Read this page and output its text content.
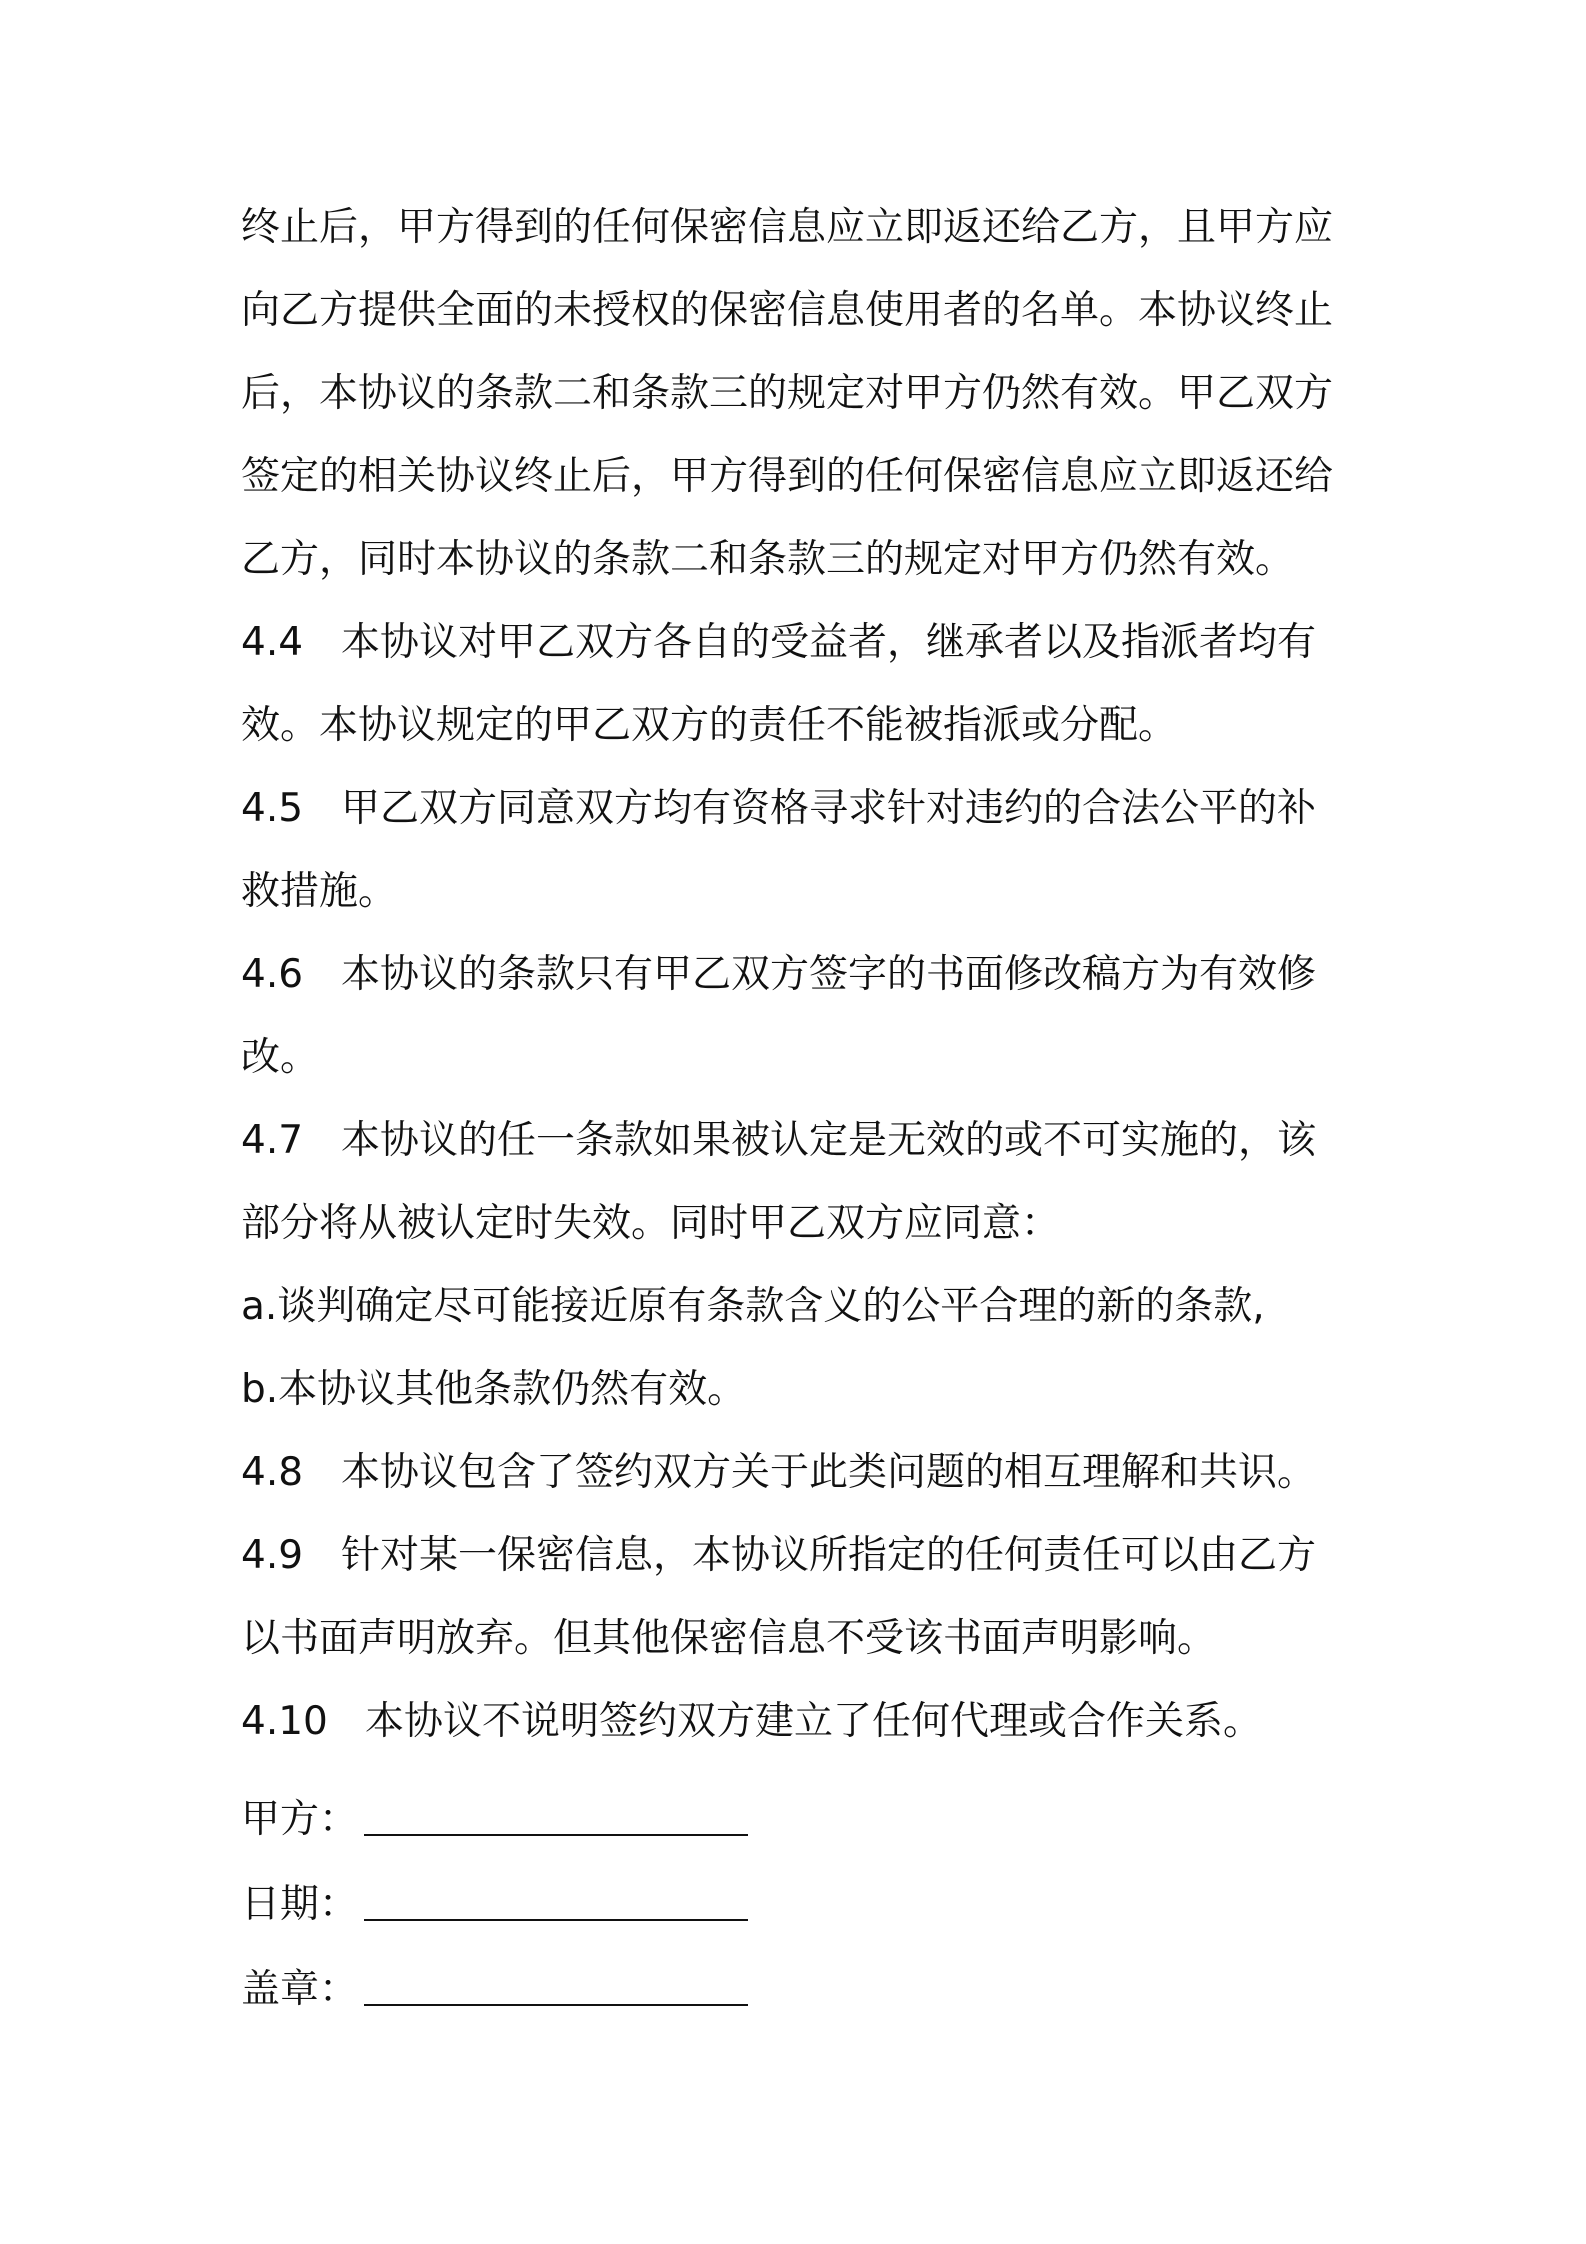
终止后，甲方得到的任何保密信息应立即返还给乙方，且甲方应
向乙方提供全面的未授权的保密信息使用者的名单。本协议终止
后，本协议的条款二和条款三的规定对甲方仍然有效。甲乙双方
签定的相关协议终止后，甲方得到的任何保密信息应立即返还给
乙方，同时本协议的条款二和条款三的规定对甲方仍然有效。
4.4 本协议对甲乙双方各自的受益者，继承者以及指派者均有
效。本协议规定的甲乙双方的责任不能被指派或分配。
4.5 甲乙双方同意双方均有资格寻求针对违约的合法公平的补
救措施。
4.6 本协议的条款只有甲乙双方签字的书面修改稿方为有效修
改。
4.7 本协议的任一条款如果被认定是无效的或不可实施的，该
部分将从被认定时失效。同时甲乙双方应同意：
a.谈判确定尽可能接近原有条款含义的公平合理的新的条款,
b.本协议其他条款仍然有效。
4.8 本协议包含了签约双方关于此类问题的相互理解和共识。
4.9 针对某一保密信息，本协议所指定的任何责任可以由乙方
以书面声明放弃。但其他保密信息不受该书面声明影响。
4.10 本协议不说明签约双方建立了任何代理或合作关系。
甲方：
日期：
盖章：
